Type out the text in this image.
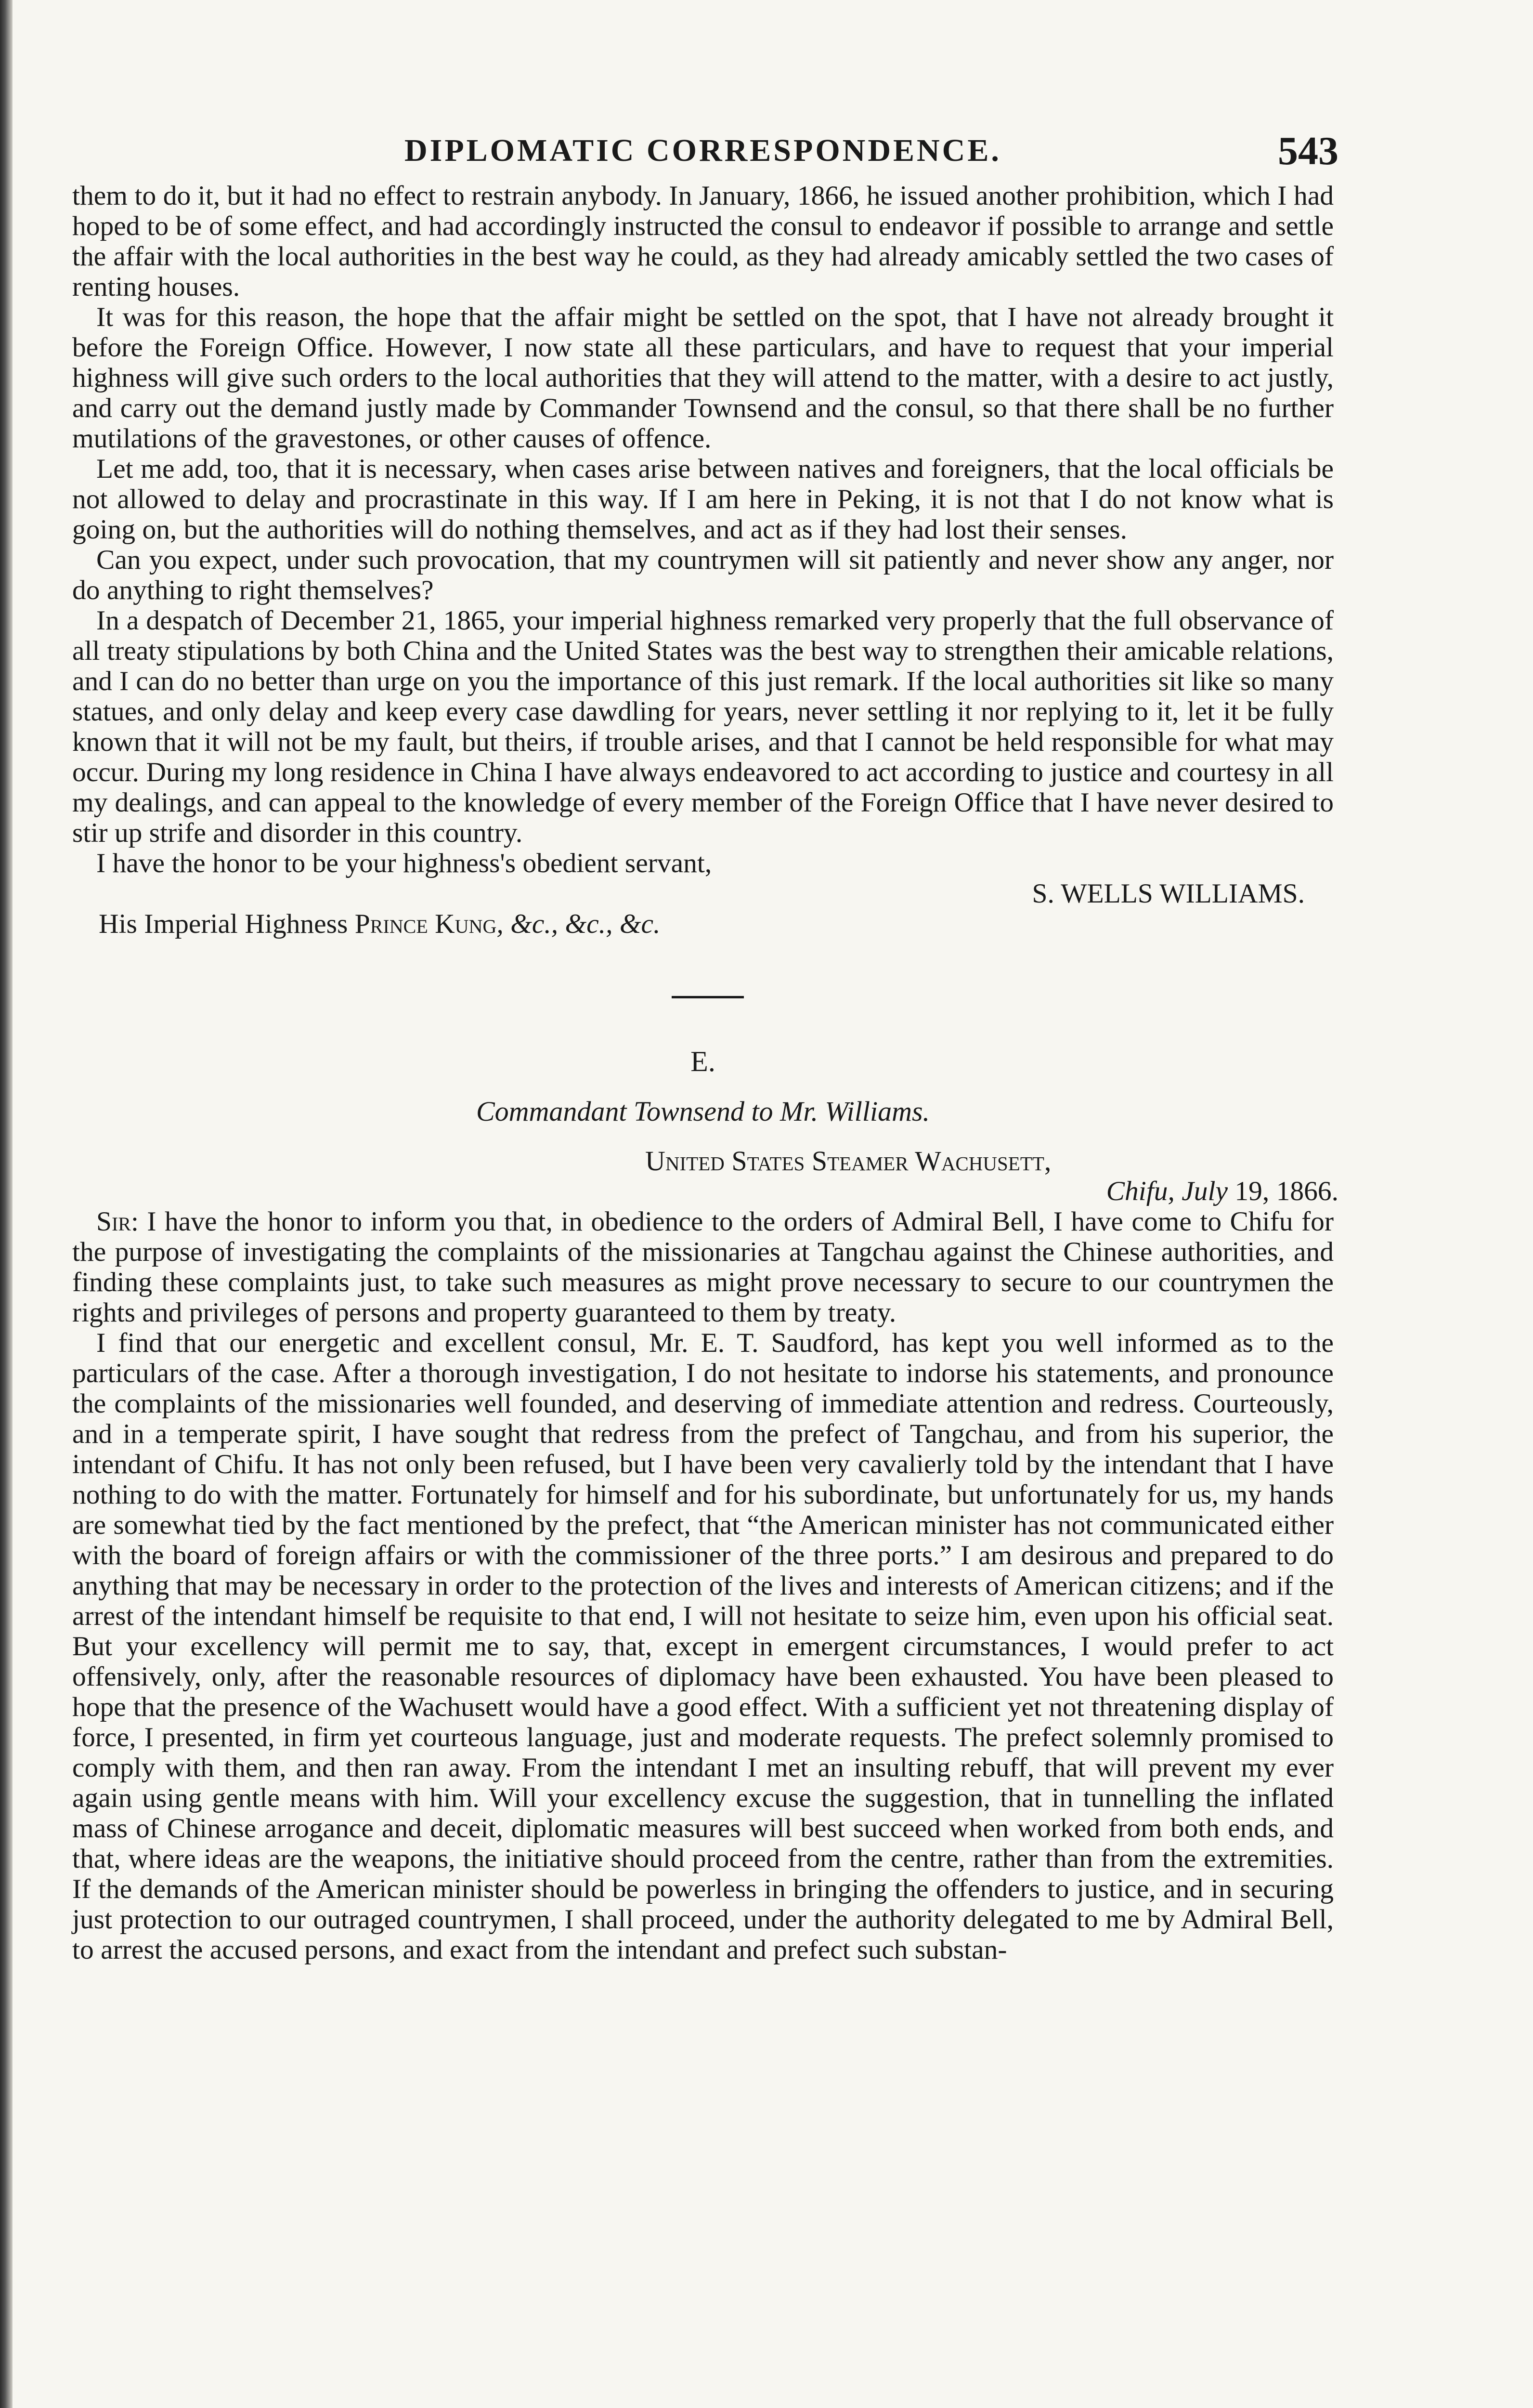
DIPLOMATIC CORRESPONDENCE.	543

them to do it, but it had no effect to restrain anybody. In January, 1866, he issued another prohibition, which I had hoped to be of some effect, and had accordingly instructed the consul to endeavor if possible to arrange and settle the affair with the local authorities in the best way he could, as they had already amicably settled the two cases of renting houses.

It was for this reason, the hope that the affair might be settled on the spot, that I have not already brought it before the Foreign Office. However, I now state all these particulars, and have to request that your imperial highness will give such orders to the local authorities that they will attend to the matter, with a desire to act justly, and carry out the demand justly made by Commander Townsend and the consul, so that there shall be no further mutilations of the gravestones, or other causes of offence.

Let me add, too, that it is necessary, when cases arise between natives and foreigners, that the local officials be not allowed to delay and procrastinate in this way. If I am here in Peking, it is not that I do not know what is going on, but the authorities will do nothing themselves, and act as if they had lost their senses.

Can you expect, under such provocation, that my countrymen will sit patiently and never show any anger, nor do anything to right themselves?

In a despatch of December 21, 1865, your imperial highness remarked very properly that the full observance of all treaty stipulations by both China and the United States was the best way to strengthen their amicable relations, and I can do no better than urge on you the importance of this just remark. If the local authorities sit like so many statues, and only delay and keep every case dawdling for years, never settling it nor replying to it, let it be fully known that it will not be my fault, but theirs, if trouble arises, and that I cannot be held responsible for what may occur. During my long residence in China I have always endeavored to act according to justice and courtesy in all my dealings, and can appeal to the knowledge of every member of the Foreign Office that I have never desired to stir up strife and disorder in this country.

I have the honor to be your highness's obedient servant,

S. WELLS WILLIAMS.
His Imperial Highness Prince Kung, &c., &c., &c.
E.
Commandant Townsend to Mr. Williams.
United States Steamer Wachusett,
Chifu, July 19, 1866.

Sir: I have the honor to inform you that, in obedience to the orders of Admiral Bell, I have come to Chifu for the purpose of investigating the complaints of the missionaries at Tangchau against the Chinese authorities, and finding these complaints just, to take such measures as might prove necessary to secure to our countrymen the rights and privileges of persons and property guaranteed to them by treaty.

I find that our energetic and excellent consul, Mr. E. T. Saudford, has kept you well informed as to the particulars of the case. After a thorough investigation, I do not hesitate to indorse his statements, and pronounce the complaints of the missionaries well founded, and deserving of immediate attention and redress. Courteously, and in a temperate spirit, I have sought that redress from the prefect of Tangchau, and from his superior, the intendant of Chifu. It has not only been refused, but I have been very cavalierly told by the intendant that I have nothing to do with the matter. Fortunately for himself and for his subordinate, but unfortunately for us, my hands are somewhat tied by the fact mentioned by the prefect, that “the American minister has not communicated either with the board of foreign affairs or with the commissioner of the three ports.” I am desirous and prepared to do anything that may be necessary in order to the protection of the lives and interests of American citizens; and if the arrest of the intendant himself be requisite to that end, I will not hesitate to seize him, even upon his official seat. But your excellency will permit me to say, that, except in emergent circumstances, I would prefer to act offensively, only, after the reasonable resources of diplomacy have been exhausted. You have been pleased to hope that the presence of the Wachusett would have a good effect. With a sufficient yet not threatening display of force, I presented, in firm yet courteous language, just and moderate requests. The prefect solemnly promised to comply with them, and then ran away. From the intendant I met an insulting rebuff, that will prevent my ever again using gentle means with him. Will your excellency excuse the suggestion, that in tunnelling the inflated mass of Chinese arrogance and deceit, diplomatic measures will best succeed when worked from both ends, and that, where ideas are the weapons, the initiative should proceed from the centre, rather than from the extremities. If the demands of the American minister should be powerless in bringing the offenders to justice, and in securing just protection to our outraged countrymen, I shall proceed, under the authority delegated to me by Admiral Bell, to arrest the accused persons, and exact from the intendant and prefect such substan-
